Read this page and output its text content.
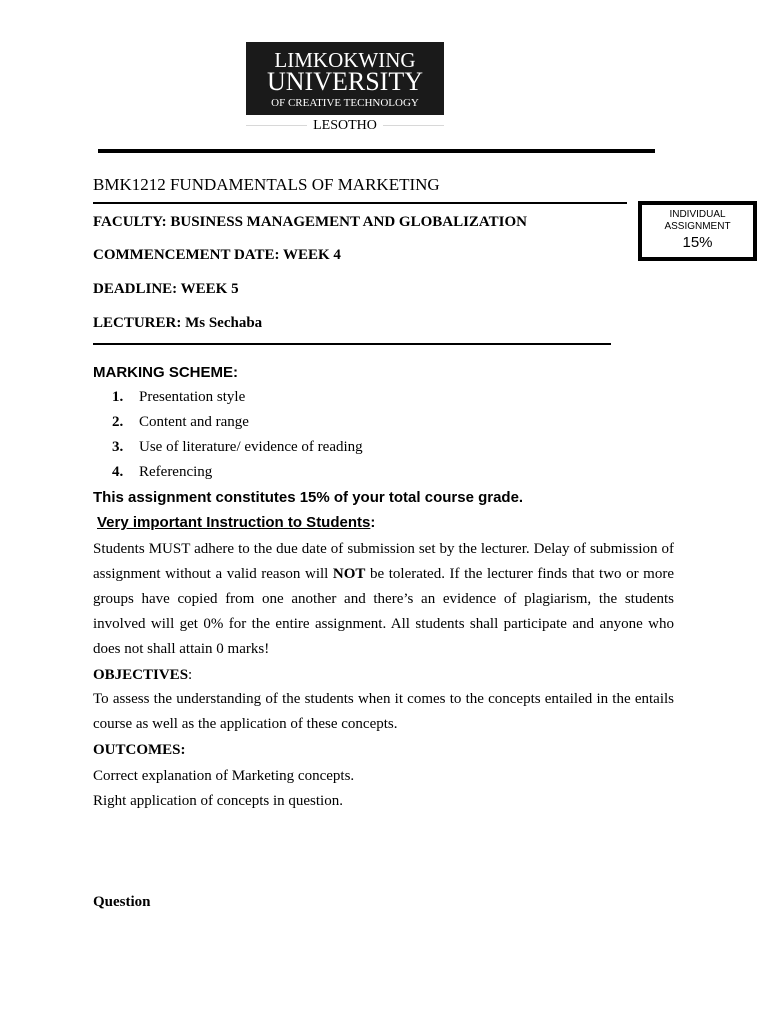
LIMKOKWING
UNIVERSITY
OF CREATIVE TECHNOLOGY
LESOTHO
BMK1212 FUNDAMENTALS OF MARKETING
FACULTY: BUSINESS MANAGEMENT AND GLOBALIZATION
COMMENCEMENT DATE: WEEK 4
DEADLINE: WEEK 5
LECTURER: Ms Sechaba
INDIVIDUAL
ASSIGNMENT
15%
MARKING SCHEME:
1.	Presentation style
2.	Content and range
3.	Use of literature/ evidence of reading
4.	Referencing
This assignment constitutes 15% of your total course grade.
Very important Instruction to Students:
Students MUST adhere to the due date of submission set by the lecturer. Delay of submission of assignment without a valid reason will NOT be tolerated. If the lecturer finds that two or more groups have copied from one another and there’s an evidence of plagiarism, the students involved will get 0% for the entire assignment. All students shall participate and anyone who does not shall attain 0 marks!
OBJECTIVES:
To assess the understanding of the students when it comes to the concepts entailed in the entails course as well as the application of these concepts.
OUTCOMES:
Correct explanation of Marketing concepts.
Right application of concepts in question.
Question
